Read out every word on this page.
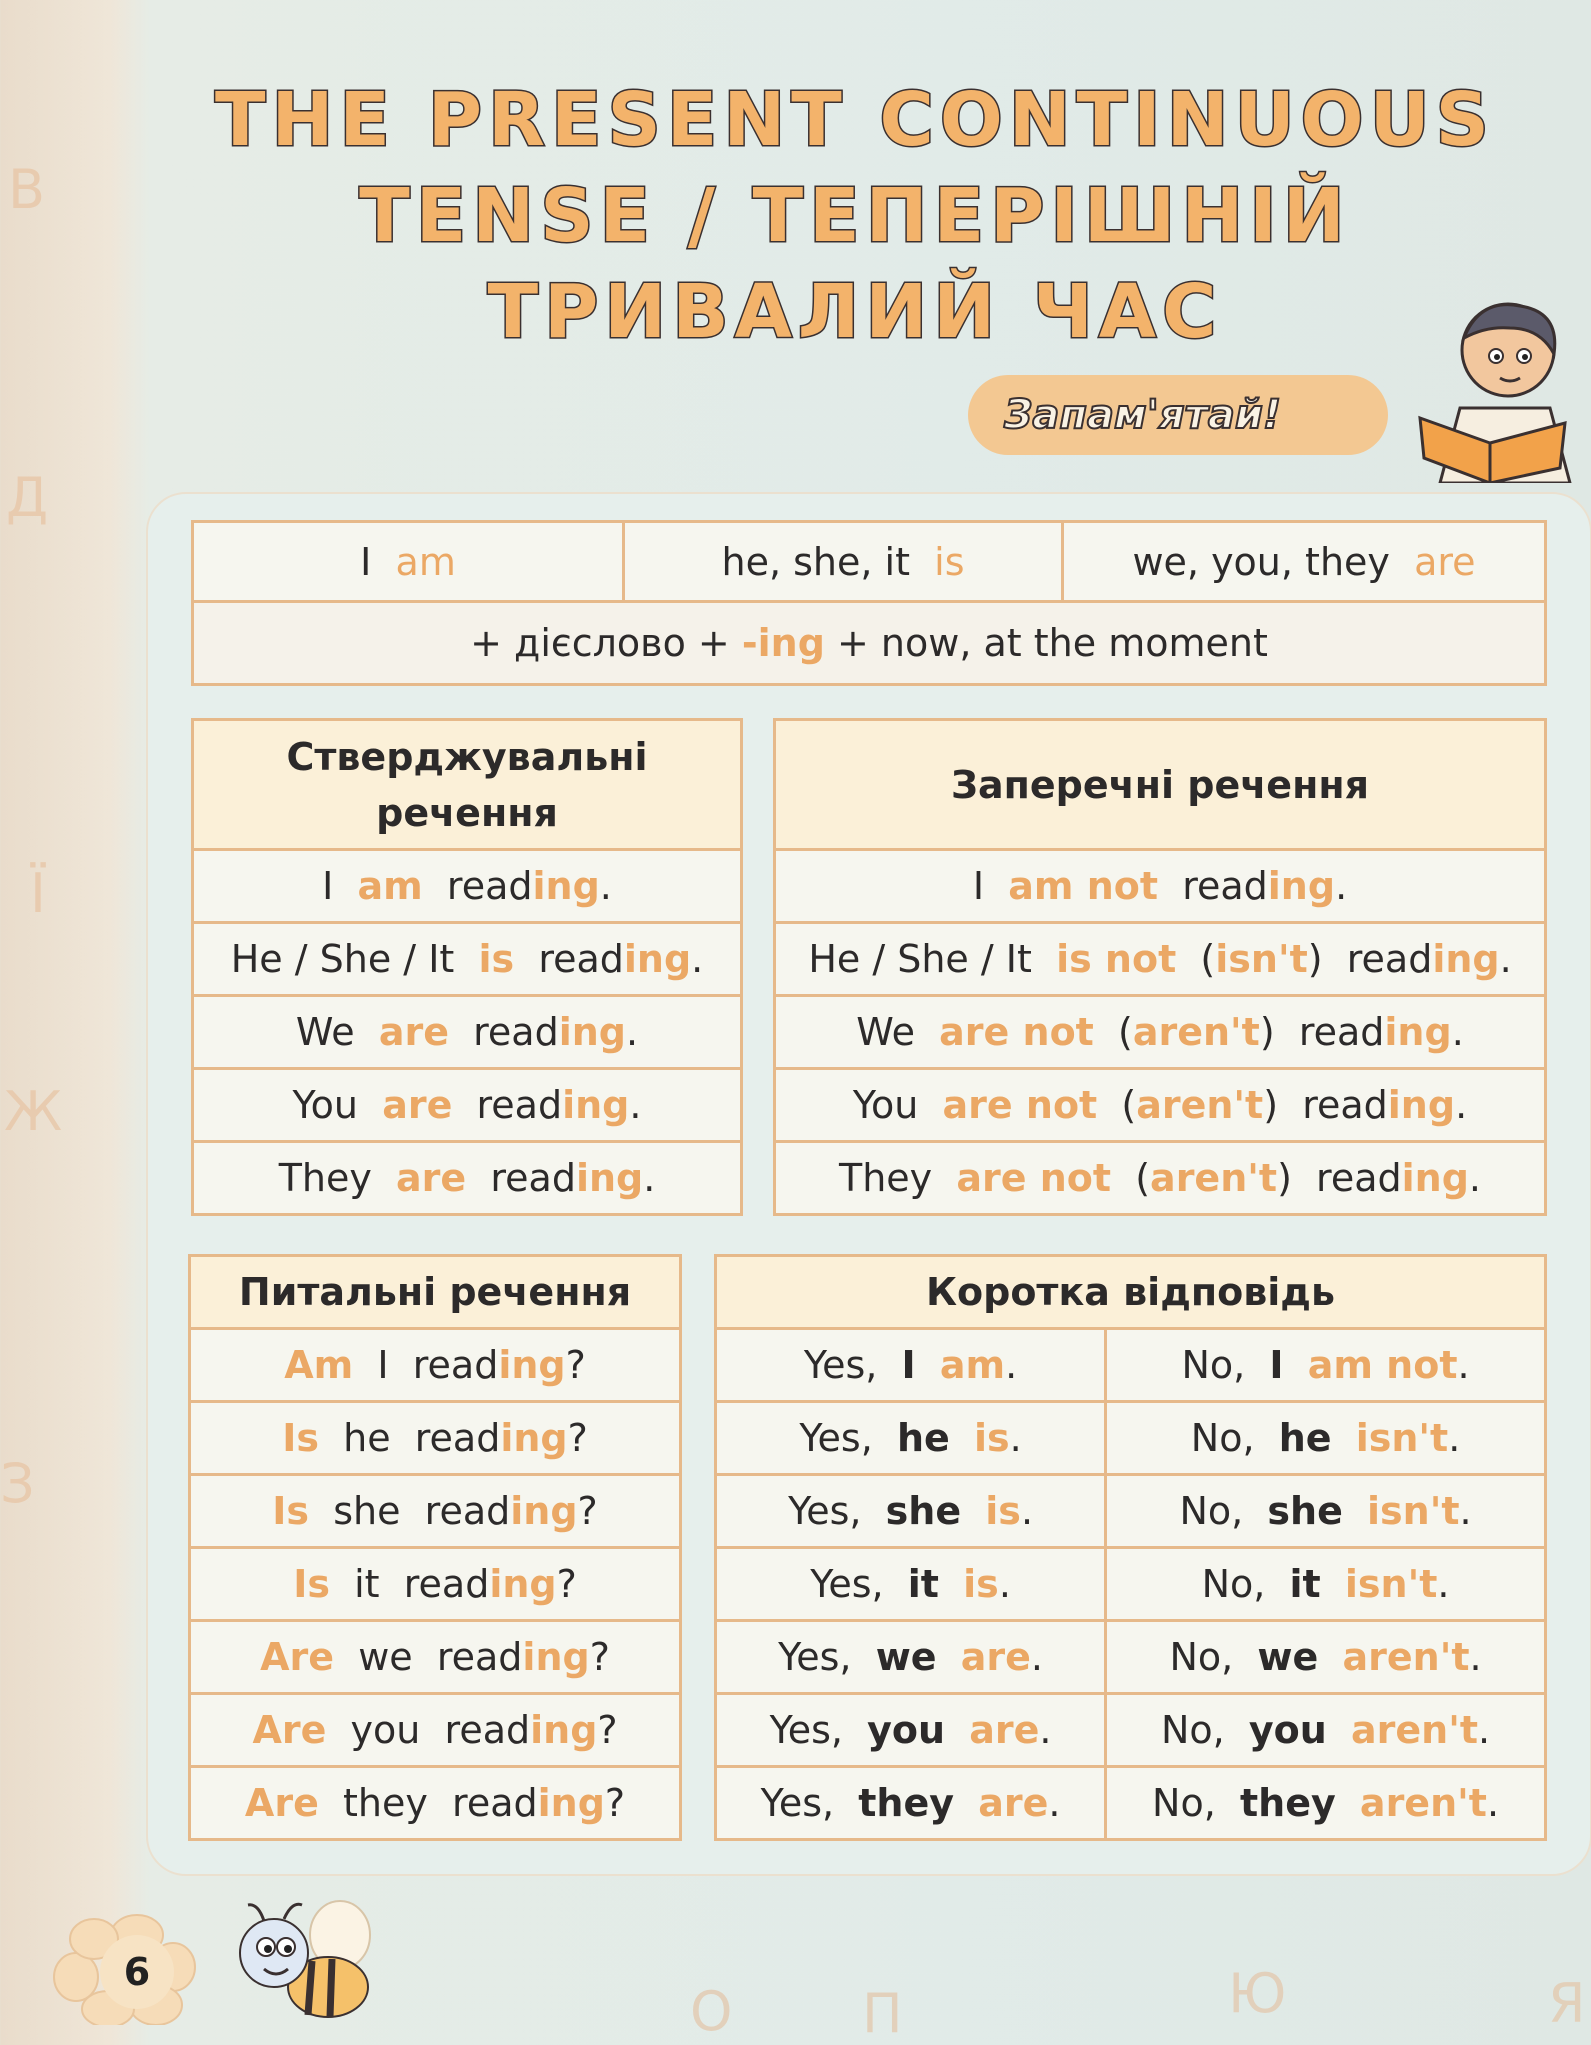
В
Д
Ї
Ж
З
THE PRESENT CONTINUOUS
TENSE / ТЕПЕРІШНІЙ
ТРИВАЛИЙ ЧАС
Запам'ятай!
I am	he, she, it is	we, you, they are
+ дієслово + -ing + now, at the moment
Стверджувальні речення
I am reading.
He / She / It is reading.
We are reading.
You are reading.
They are reading.
Заперечні речення
I am not reading.
He / She / It is not  (isn't)  reading.
We are not  (aren't)  reading.
You are not  (aren't)  reading.
They are not  (aren't)  reading.
Питальні речення
Am I reading?
Is he reading?
Is she reading?
Is it reading?
Are we reading?
Are you reading?
Are they reading?
Коротка відповідь	
Yes, I am.	No, I am not.
Yes, he is.	No, he isn't.
Yes, she is.	No, she isn't.
Yes, it is.	No, it isn't.
Yes, we are.	No, we aren't.
Yes, you are.	No, you aren't.
Yes, they are.	No, they aren't.
6
О П	Ю	Я
